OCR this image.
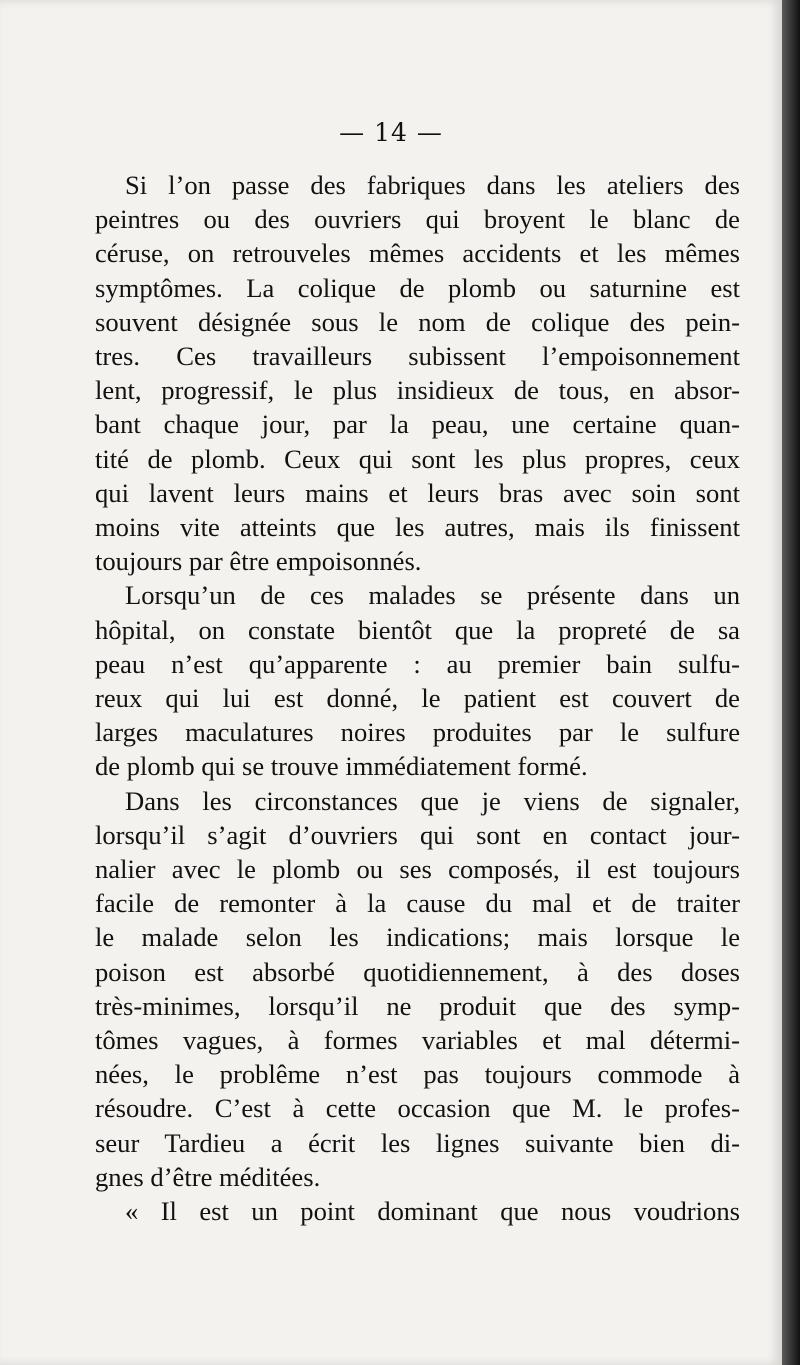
— 14 —
Si l’on passe des fabriques dans les ateliers des
peintres ou des ouvriers qui broyent le blanc de
céruse, on retrouveles mêmes accidents et les mêmes
symptômes. La colique de plomb ou saturnine est
souvent désignée sous le nom de colique des pein-
tres. Ces travailleurs subissent l’empoisonnement
lent, progressif, le plus insidieux de tous, en absor-
bant chaque jour, par la peau, une certaine quan-
tité de plomb. Ceux qui sont les plus propres, ceux
qui lavent leurs mains et leurs bras avec soin sont
moins vite atteints que les autres, mais ils finissent
toujours par être empoisonnés.
Lorsqu’un de ces malades se présente dans un
hôpital, on constate bientôt que la propreté de sa
peau n’est qu’apparente : au premier bain sulfu-
reux qui lui est donné, le patient est couvert de
larges maculatures noires produites par le sulfure
de plomb qui se trouve immédiatement formé.
Dans les circonstances que je viens de signaler,
lorsqu’il s’agit d’ouvriers qui sont en contact jour-
nalier avec le plomb ou ses composés, il est toujours
facile de remonter à la cause du mal et de traiter
le malade selon les indications; mais lorsque le
poison est absorbé quotidiennement, à des doses
très-minimes, lorsqu’il ne produit que des symp-
tômes vagues, à formes variables et mal détermi-
nées, le problême n’est pas toujours commode à
résoudre. C’est à cette occasion que M. le profes-
seur Tardieu a écrit les lignes suivante bien di-
gnes d’être méditées.
« Il est un point dominant que nous voudrions
